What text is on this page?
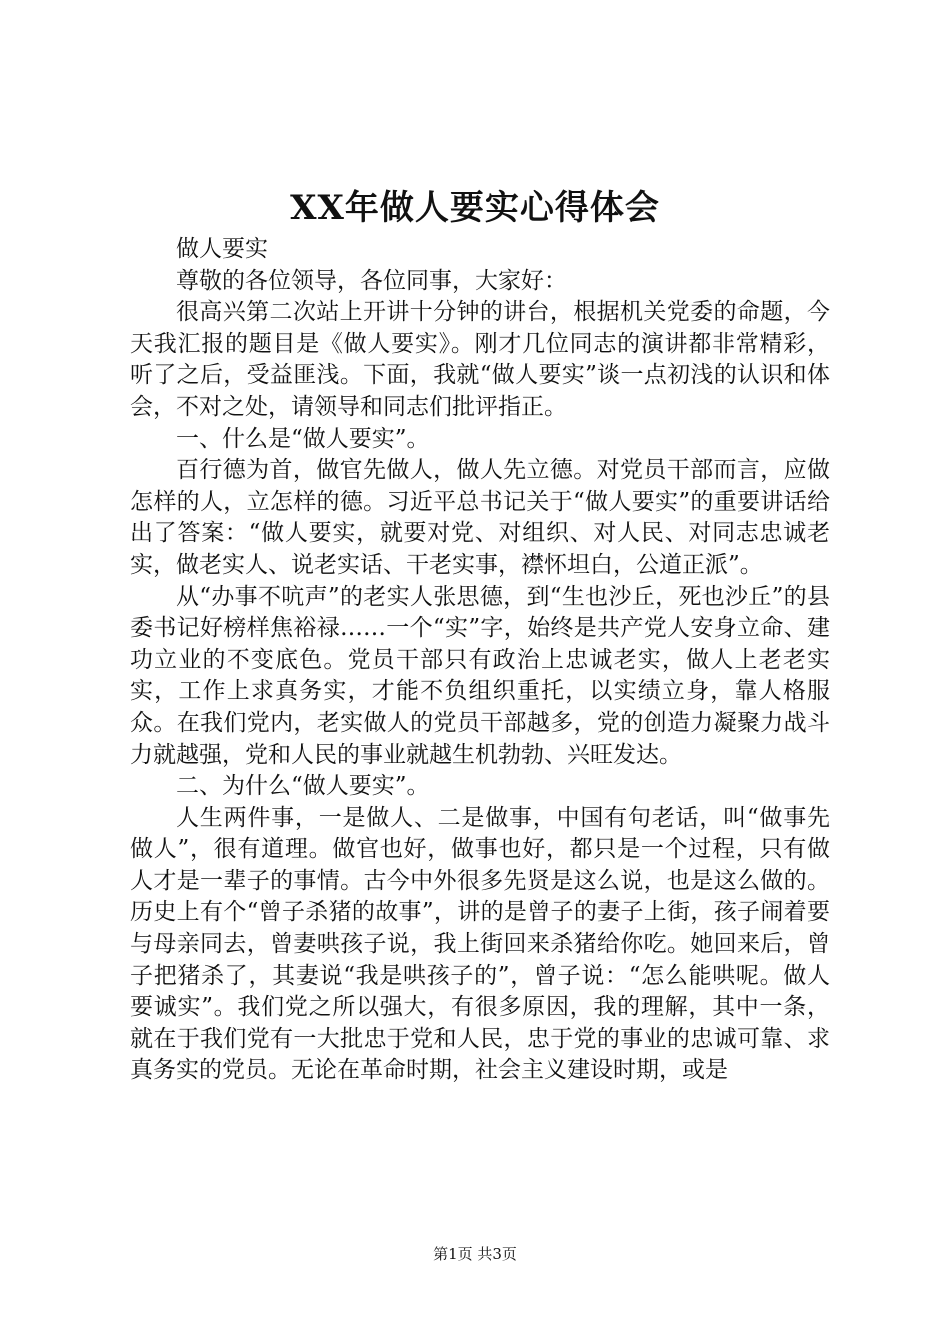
XX年做人要实心得体会

做人要实

尊敬的各位领导，各位同事，大家好：

很高兴第二次站上开讲十分钟的讲台，根据机关党委的命题，今天我汇报的题目是《做人要实》。刚才几位同志的演讲都非常精彩，听了之后，受益匪浅。下面，我就“做人要实”谈一点初浅的认识和体会，不对之处，请领导和同志们批评指正。

一、什么是“做人要实”。

百行德为首，做官先做人，做人先立德。对党员干部而言，应做怎样的人，立怎样的德。习近平总书记关于“做人要实”的重要讲话给出了答案：“做人要实，就要对党、对组织、对人民、对同志忠诚老实，做老实人、说老实话、干老实事，襟怀坦白，公道正派”。

从“办事不吭声”的老实人张思德，到“生也沙丘，死也沙丘”的县委书记好榜样焦裕禄……一个“实”字，始终是共产党人安身立命、建功立业的不变底色。党员干部只有政治上忠诚老实，做人上老老实实，工作上求真务实，才能不负组织重托，以实绩立身，靠人格服众。在我们党内，老实做人的党员干部越多，党的创造力凝聚力战斗力就越强，党和人民的事业就越生机勃勃、兴旺发达。

二、为什么“做人要实”。

人生两件事，一是做人、二是做事，中国有句老话，叫“做事先做人”，很有道理。做官也好，做事也好，都只是一个过程，只有做人才是一辈子的事情。古今中外很多先贤是这么说，也是这么做的。历史上有个“曾子杀猪的故事”，讲的是曾子的妻子上街，孩子闹着要与母亲同去，曾妻哄孩子说，我上街回来杀猪给你吃。她回来后，曾子把猪杀了，其妻说“我是哄孩子的”，曾子说：“怎么能哄呢。做人要诚实”。我们党之所以强大，有很多原因，我的理解，其中一条，就在于我们党有一大批忠于党和人民，忠于党的事业的忠诚可靠、求真务实的党员。无论在革命时期，社会主义建设时期，或是

第1页 共3页
